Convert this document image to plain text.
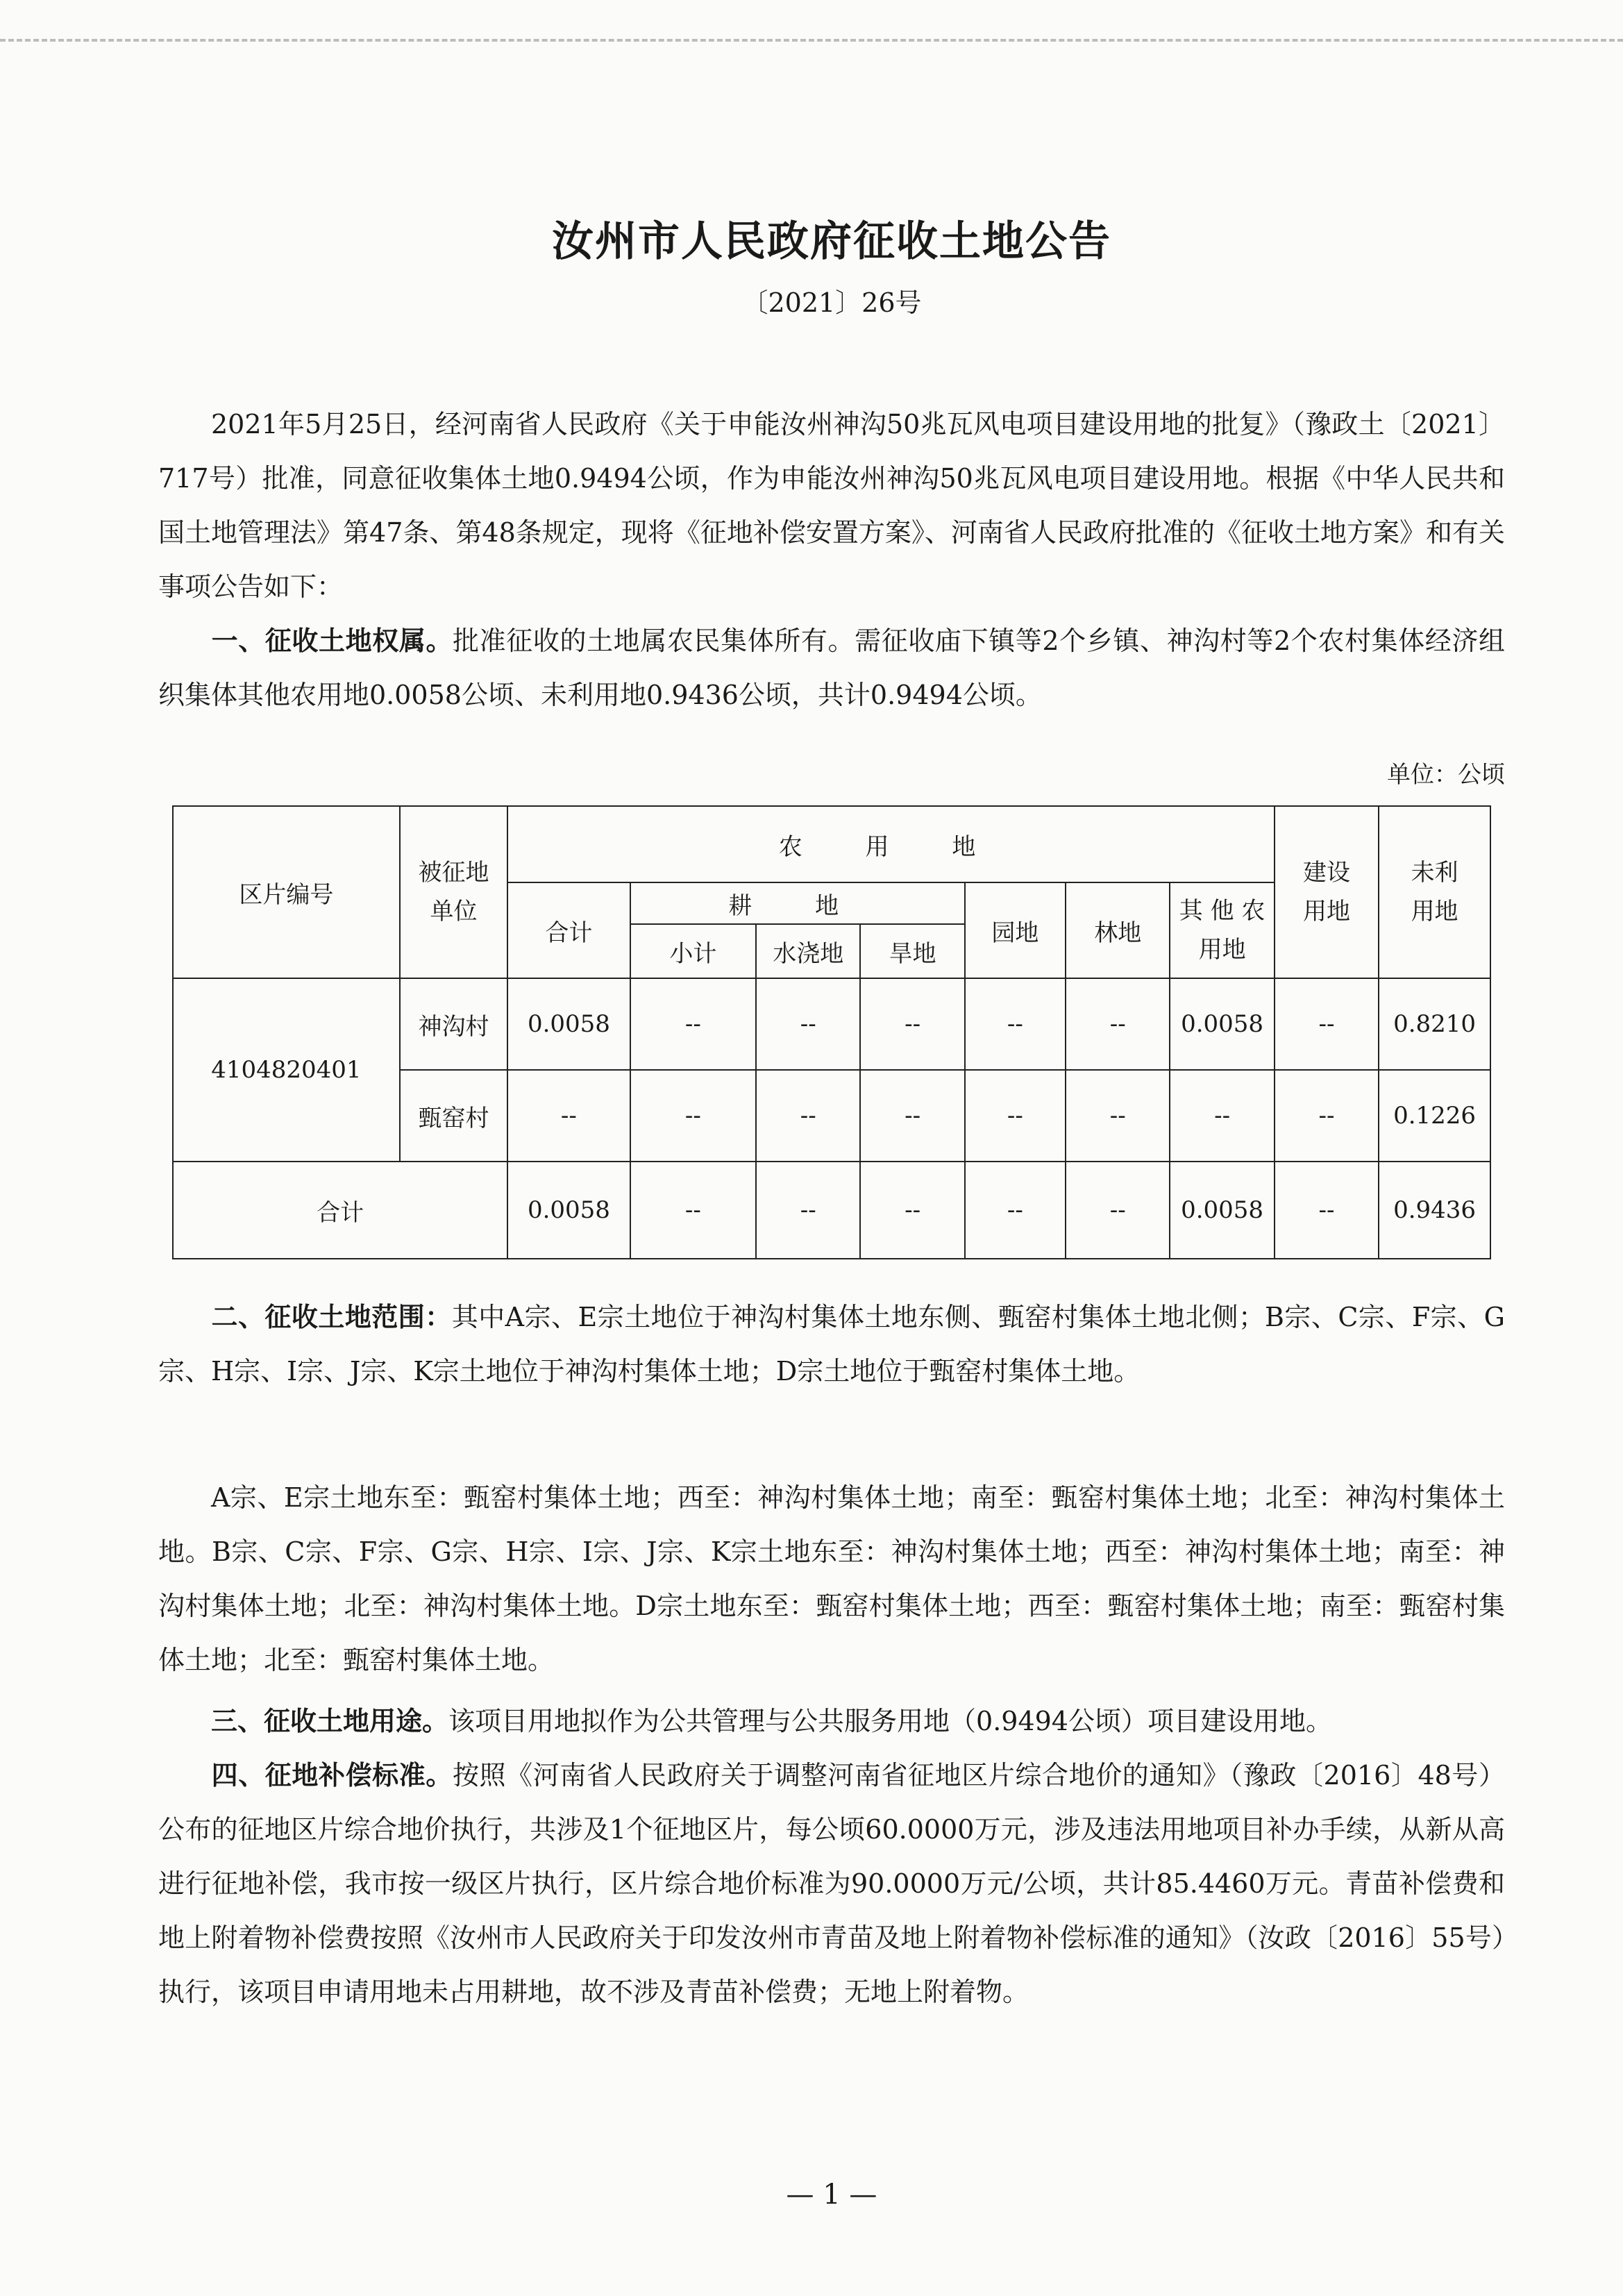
汝州市人民政府征收土地公告
〔2021〕26号

2021年5月25日，经河南省人民政府《关于申能汝州神沟50兆瓦风电项目建设用地的批复》（豫政土〔2021〕717号）批准，同意征收集体土地0.9494公顷，作为申能汝州神沟50兆瓦风电项目建设用地。根据《中华人民共和国土地管理法》第47条、第48条规定，现将《征地补偿安置方案》、河南省人民政府批准的《征收土地方案》和有关事项公告如下：

一、征收土地权属。批准征收的土地属农民集体所有。需征收庙下镇等2个乡镇、神沟村等2个农村集体经济组织集体其他农用地0.0058公顷、未利用地0.9436公顷，共计0.9494公顷。

单位：公顷
区片编号	被征地单位	农 用 地							建设用地	未利用地
		合计	耕 地			园地	林地	其 他 农用地		
			小计	水浇地	旱地					
4104820401	神沟村	0.0058	--	--	--	--	--	0.0058	--	0.8210
	甄窑村	--	--	--	--	--	--	--	--	0.1226
合计		0.0058	--	--	--	--	--	0.0058	--	0.9436

二、征收土地范围：其中A宗、E宗土地位于神沟村集体土地东侧、甄窑村集体土地北侧；B宗、C宗、F宗、G宗、H宗、I宗、J宗、K宗土地位于神沟村集体土地；D宗土地位于甄窑村集体土地。

A宗、E宗土地东至：甄窑村集体土地；西至：神沟村集体土地；南至：甄窑村集体土地；北至：神沟村集体土地。B宗、C宗、F宗、G宗、H宗、I宗、J宗、K宗土地东至：神沟村集体土地；西至：神沟村集体土地；南至：神沟村集体土地；北至：神沟村集体土地。D宗土地东至：甄窑村集体土地；西至：甄窑村集体土地；南至：甄窑村集体土地；北至：甄窑村集体土地。

三、征收土地用途。该项目用地拟作为公共管理与公共服务用地（0.9494公顷）项目建设用地。

四、征地补偿标准。按照《河南省人民政府关于调整河南省征地区片综合地价的通知》（豫政〔2016〕48号）公布的征地区片综合地价执行，共涉及1个征地区片，每公顷60.0000万元，涉及违法用地项目补办手续，从新从高进行征地补偿，我市按一级区片执行，区片综合地价标准为90.0000万元/公顷，共计85.4460万元。青苗补偿费和地上附着物补偿费按照《汝州市人民政府关于印发汝州市青苗及地上附着物补偿标准的通知》（汝政〔2016〕55号）执行，该项目申请用地未占用耕地，故不涉及青苗补偿费；无地上附着物。

— 1 —
